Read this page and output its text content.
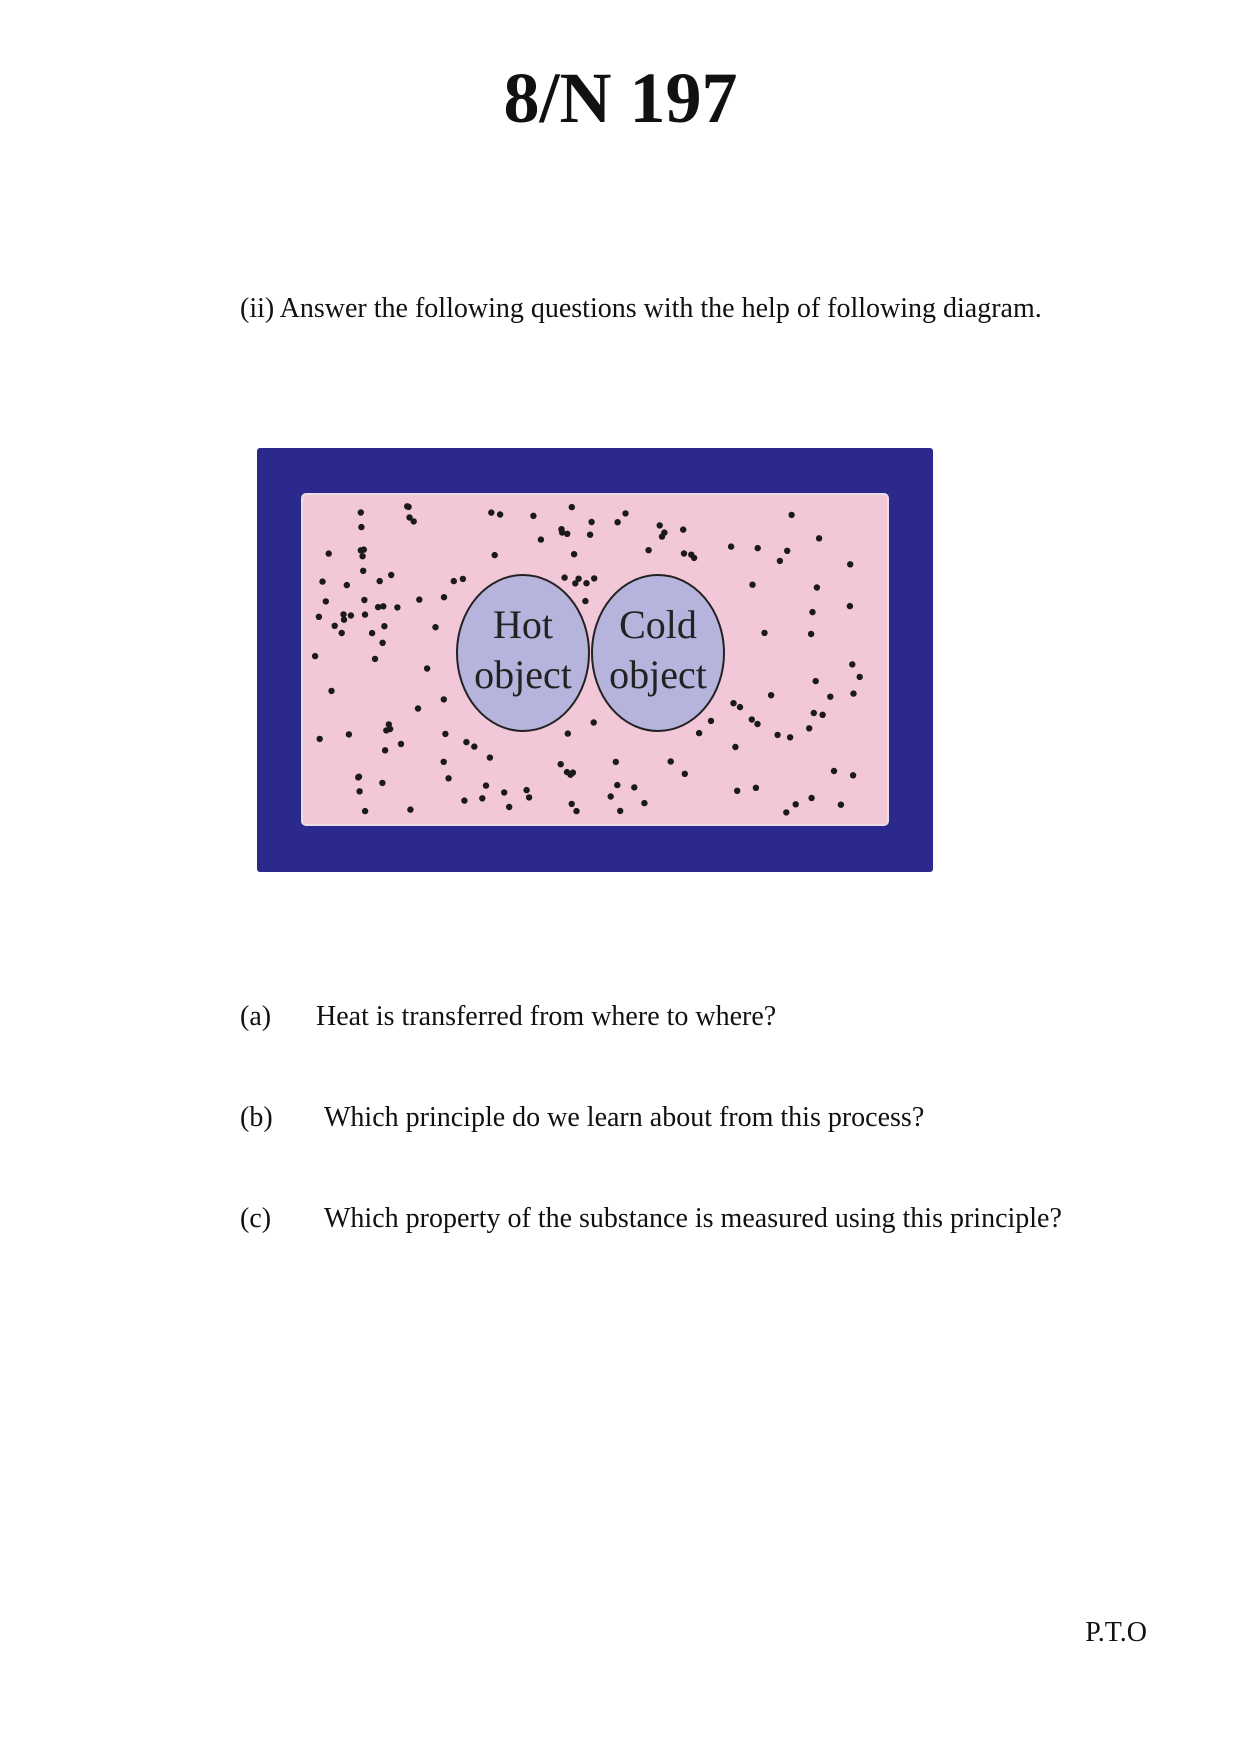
8/N 197
(ii) Answer the following questions with the help of following diagram.
Hot
object
Cold
object
(a) Heat is transferred from where to where?
(b) Which principle do we learn about from this process?
(c) Which property of the substance is measured using this principle?
P.T.O
